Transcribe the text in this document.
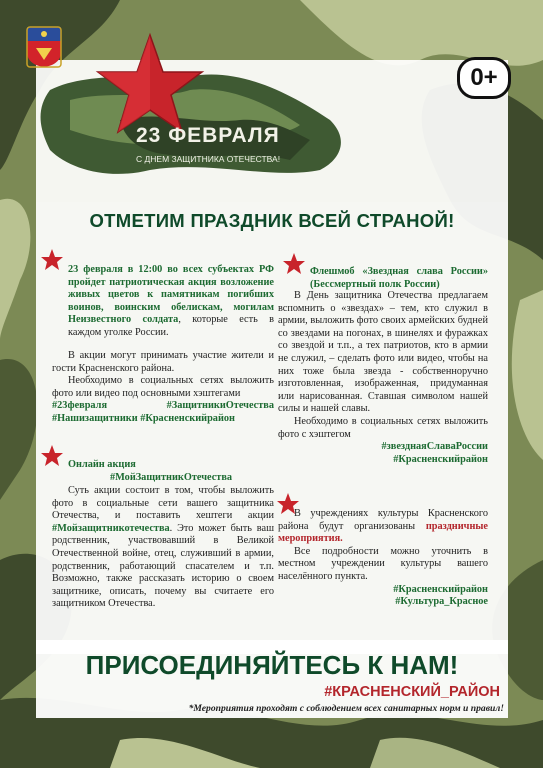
0+
23 ФЕВРАЛЯ
С ДНЕМ ЗАЩИТНИКА ОТЕЧЕСТВА!
ОТМЕТИМ ПРАЗДНИК ВСЕЙ СТРАНОЙ!

23 февраля в 12:00 во всех субъектах РФ пройдет патриотическая акция возложение живых цветов к памятникам погибших воинов, воинским обелискам, могилам Неизвестного солдата, которые есть в каждом уголке России.

В акции могут принимать участие жители и гости Красненского района.

Необходимо в социальных сетях выложить фото или видео под основными хэштегами

#23февраля #ЗащитникиОтечества #Нашизащитники #Красненскийрайон

Онлайн акция

#МойЗащитникОтечества

Суть акции состоит в том, чтобы выложить фото в социальные сети вашего защитника Отечества, и поставить хештеги акции #Мойзащитникотечества. Это может быть ваш родственник, участвовавший в Великой Отечественной войне, отец, служивший в армии, родственник, работающий спасателем и т.п. Возможно, также рассказать историю о своем защитнике, описать, почему вы считаете его защитником Отечества.

Флешмоб «Звездная слава России» (Бессмертный полк России)

В День защитника Отечества предлагаем вспомнить о «звездах» – тем, кто служил в армии, выложить фото своих армейских будней со звездами на погонах, в шинелях и фуражках со звездой и т.п., а тех патриотов, кто в армии не служил, – сделать фото или видео, чтобы на них тоже была звезда - собственноручно изготовленная, изображенная, придуманная или нарисованная. Ставшая символом нашей силы и нашей славы.

Необходимо в социальных сетях выложить фото с хэштегом

#звезднаяСлаваРоссии

#Красненскийрайон

В учреждениях культуры Красненского района будут организованы праздничные мероприятия.

Все подробности можно уточнить в местном учреждении культуры вашего населённого пункта.

#Красненскийрайон

#Культура_Красное

ПРИСОЕДИНЯЙТЕСЬ К НАМ!
#КРАСНЕНСКИЙ_РАЙОН
*Мероприятия проходят с соблюдением всех санитарных норм и правил!
